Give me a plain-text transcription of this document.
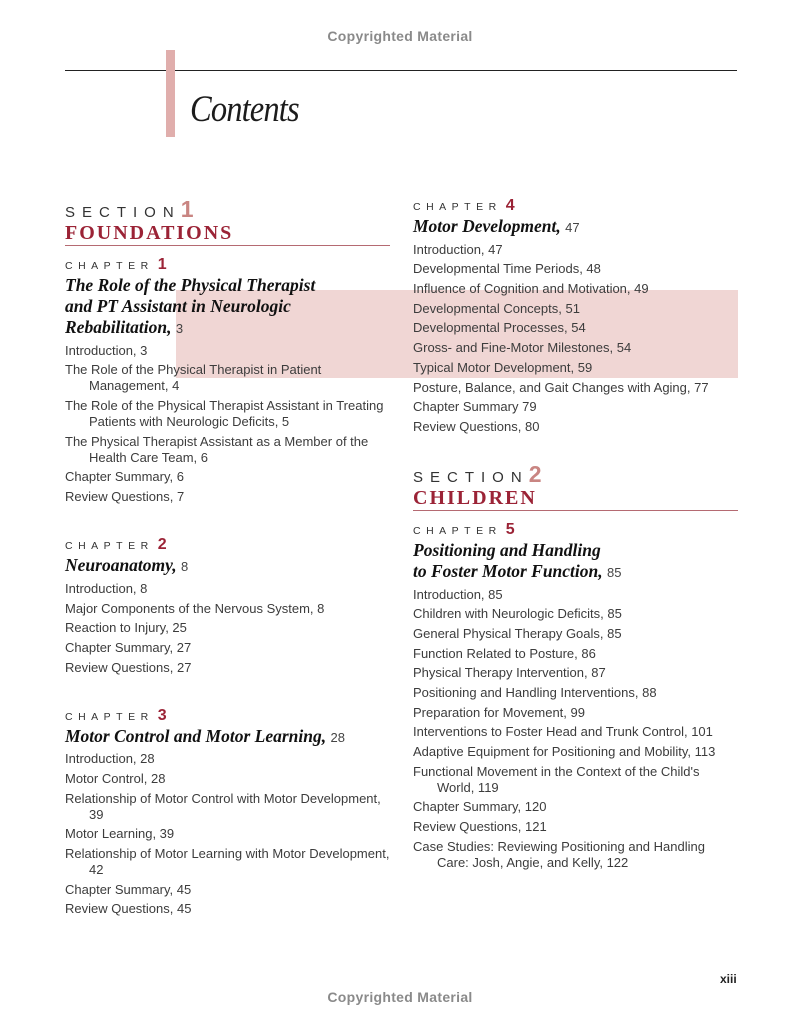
Copyrighted Material
Contents
SECTION1
FOUNDATIONS
CHAPTER 1
The Role of the Physical Therapist
and PT Assistant in Neurologic
Rebabilitation, 3
Introduction, 3
The Role of the Physical Therapist in Patient Management, 4
The Role of the Physical Therapist Assistant in Treating Patients with Neurologic Deficits, 5
The Physical Therapist Assistant as a Member of the Health Care Team, 6
Chapter Summary, 6
Review Questions, 7
CHAPTER 2
Neuroanatomy, 8
Introduction, 8
Major Components of the Nervous System, 8
Reaction to Injury, 25
Chapter Summary, 27
Review Questions, 27
CHAPTER 3
Motor Control and Motor Learning, 28
Introduction, 28
Motor Control, 28
Relationship of Motor Control with Motor Development, 39
Motor Learning, 39
Relationship of Motor Learning with Motor Development, 42
Chapter Summary, 45
Review Questions, 45
CHAPTER 4
Motor Development, 47
Introduction, 47
Developmental Time Periods, 48
Influence of Cognition and Motivation, 49
Developmental Concepts, 51
Developmental Processes, 54
Gross- and Fine-Motor Milestones, 54
Typical Motor Development, 59
Posture, Balance, and Gait Changes with Aging, 77
Chapter Summary 79
Review Questions, 80
SECTION2
CHILDREN
CHAPTER 5
Positioning and Handling
to Foster Motor Function, 85
Introduction, 85
Children with Neurologic Deficits, 85
General Physical Therapy Goals, 85
Function Related to Posture, 86
Physical Therapy Intervention, 87
Positioning and Handling Interventions, 88
Preparation for Movement, 99
Interventions to Foster Head and Trunk Control, 101
Adaptive Equipment for Positioning and Mobility, 113
Functional Movement in the Context of the Child's World, 119
Chapter Summary, 120
Review Questions, 121
Case Studies: Reviewing Positioning and Handling Care: Josh, Angie, and Kelly, 122
xiii
Copyrighted Material
